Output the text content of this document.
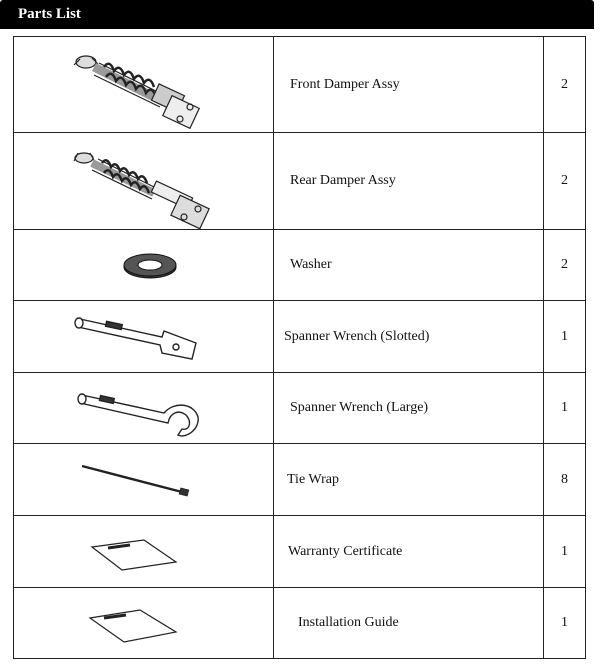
Parts List
	Front Damper Assy	2

	Rear Damper Assy	2

	Washer	2

	Spanner Wrench (Slotted)	1

	Spanner Wrench (Large)	1

	Tie Wrap	8

	Warranty Certificate	1

	Installation Guide	1
